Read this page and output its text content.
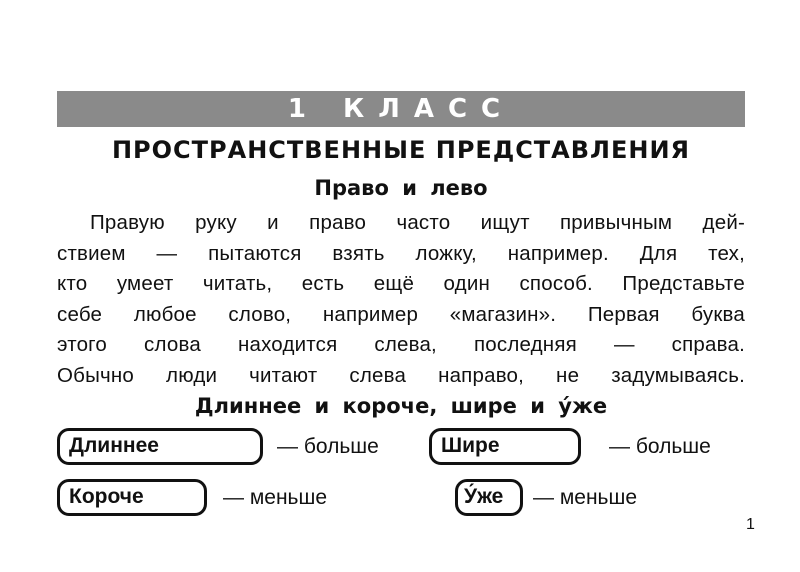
1 КЛАСС
ПРОСТРАНСТВЕННЫЕ ПРЕДСТАВЛЕНИЯ
Право и лево
Правую руку и право часто ищут привычным дей-
ствием — пытаются взять ложку, например. Для тех,
кто умеет читать, есть ещё один способ. Представьте
себе любое слово, например «магазин». Первая буква
этого слова находится слева, последняя — справа.
Обычно люди читают слева направо, не задумываясь.
Длиннее и короче, шире и у́же
Длиннее	— больше	Шире	— больше
Короче	— меньше	У́же	— меньше
1
